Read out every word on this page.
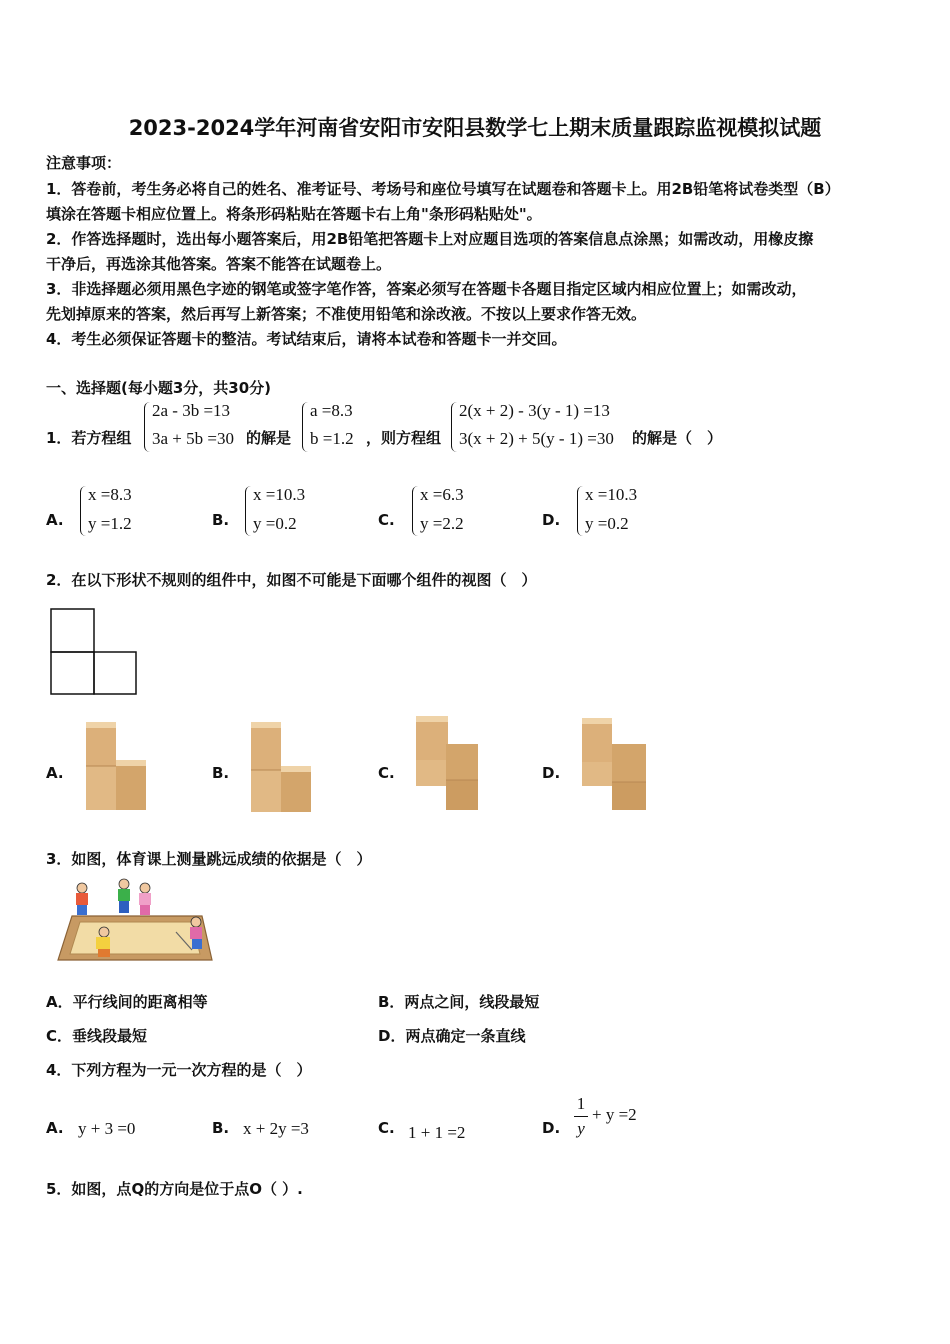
2023-2024学年河南省安阳市安阳县数学七上期末质量跟踪监视模拟试题
注意事项：
1．答卷前，考生务必将自己的姓名、准考证号、考场号和座位号填写在试题卷和答题卡上。用2B铅笔将试卷类型（B）
填涂在答题卡相应位置上。将条形码粘贴在答题卡右上角"条形码粘贴处"。
2．作答选择题时，选出每小题答案后，用2B铅笔把答题卡上对应题目选项的答案信息点涂黑；如需改动，用橡皮擦
干净后，再选涂其他答案。答案不能答在试题卷上。
3．非选择题必须用黑色字迹的钢笔或签字笔作答，答案必须写在答题卡各题目指定区域内相应位置上；如需改动，
先划掉原来的答案，然后再写上新答案；不准使用铅笔和涂改液。不按以上要求作答无效。
4．考生必须保证答题卡的整洁。考试结束后，请将本试卷和答题卡一并交回。
一、选择题(每小题3分，共30分)
1．若方程组
2a - 3b =13
3a + 5b =30 的解是
a =8.3
b =1.2 ，则方程组
2(x + 2) - 3(y - 1) =13
3(x + 2) + 5(y - 1) =30 的解是（　）
A.
x =8.3
y =1.2	B.
x =10.3
y =0.2	C.
x =6.3
y =2.2	D.
x =10.3
y =0.2
2．在以下形状不规则的组件中，如图不可能是下面哪个组件的视图（　）
A.	B.	C.	D.
3．如图，体育课上测量跳远成绩的依据是（　）
A．平行线间的距离相等	B．两点之间，线段最短
C．垂线段最短	D．两点确定一条直线
4．下列方程为一元一次方程的是（　）
A. y + 3 =0	B. x + 2y =3	C. 1 + 1 =2	D.
1
y
+ y =2
5．如图，点Q的方向是位于点O（ ）.
